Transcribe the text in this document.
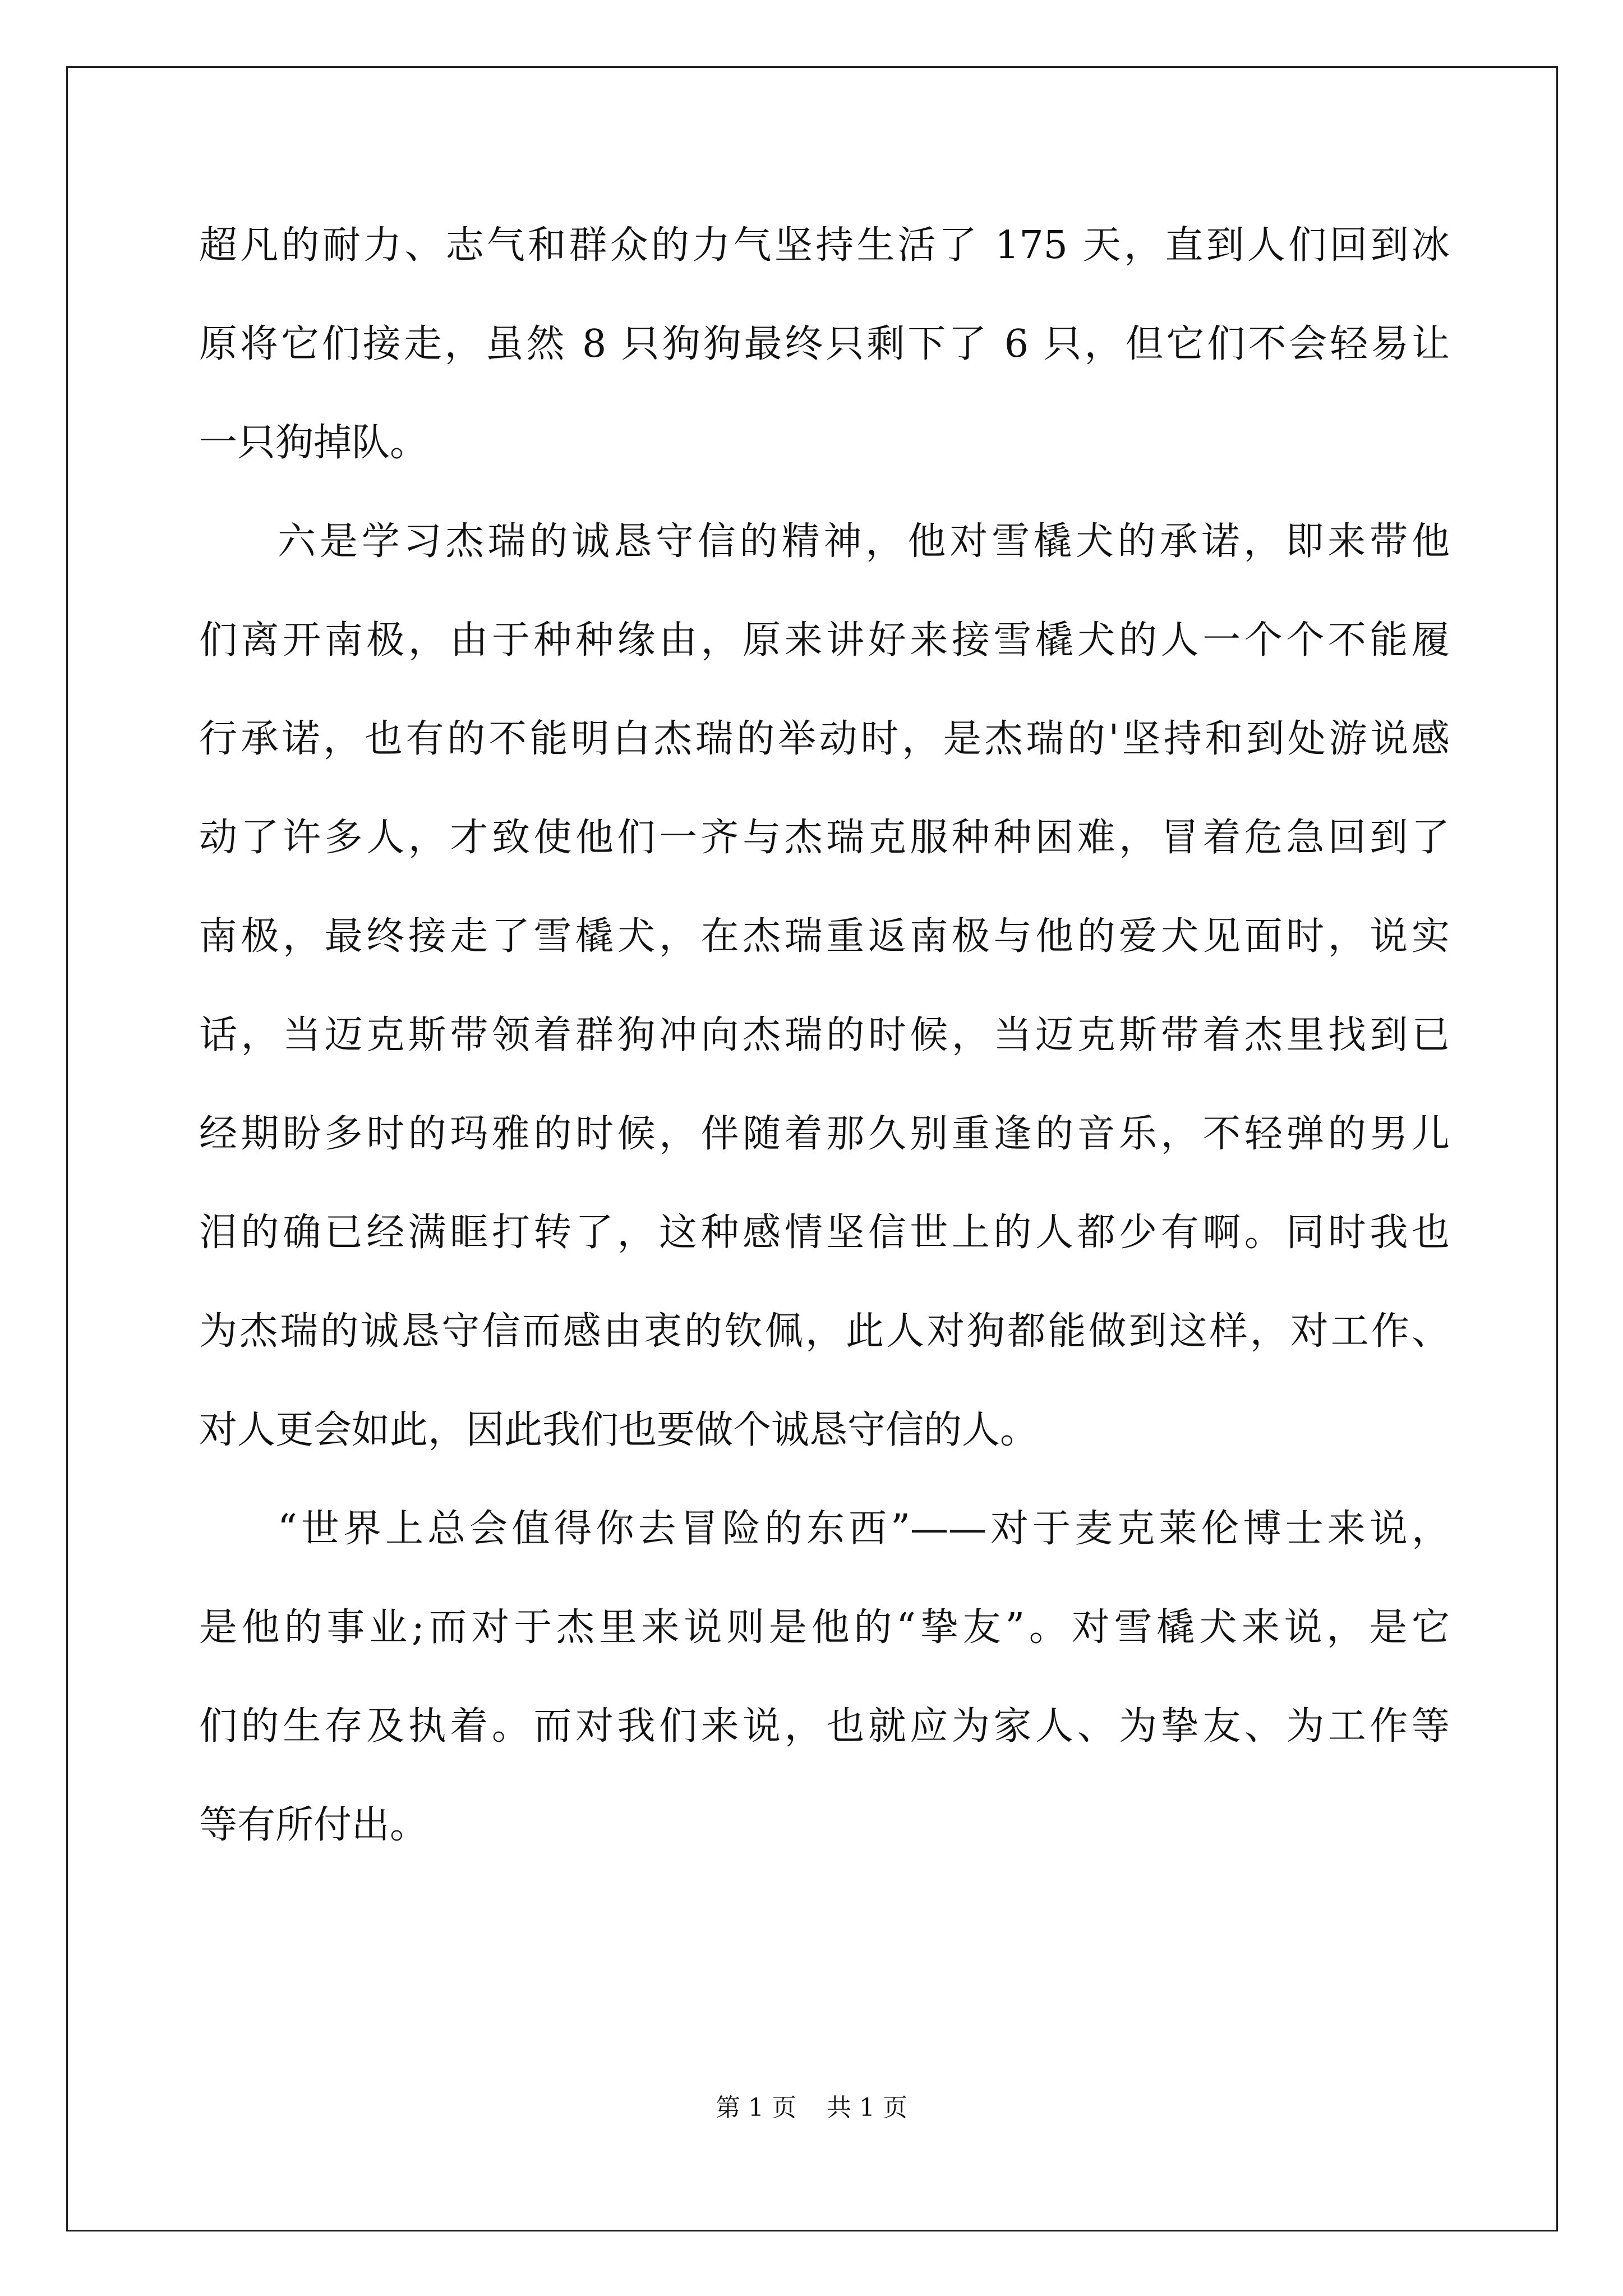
超凡的耐力、志气和群众的力气坚持生活了 175 天，直到人们回到冰
原将它们接走，虽然 8 只狗狗最终只剩下了 6 只，但它们不会轻易让
一只狗掉队。
六是学习杰瑞的诚恳守信的精神，他对雪橇犬的承诺，即来带他
们离开南极，由于种种缘由，原来讲好来接雪橇犬的人一个个不能履
行承诺，也有的不能明白杰瑞的举动时，是杰瑞的'坚持和到处游说感
动了许多人，才致使他们一齐与杰瑞克服种种困难，冒着危急回到了
南极，最终接走了雪橇犬，在杰瑞重返南极与他的爱犬见面时，说实
话，当迈克斯带领着群狗冲向杰瑞的时候，当迈克斯带着杰里找到已
经期盼多时的玛雅的时候，伴随着那久别重逢的音乐，不轻弹的男儿
泪的确已经满眶打转了，这种感情坚信世上的人都少有啊。同时我也
为杰瑞的诚恳守信而感由衷的钦佩，此人对狗都能做到这样，对工作、
对人更会如此，因此我们也要做个诚恳守信的人。
“世界上总会值得你去冒险的东西”——对于麦克莱伦博士来说，
是他的事业;而对于杰里来说则是他的“挚友”。对雪橇犬来说，是它
们的生存及执着。而对我们来说，也就应为家人、为挚友、为工作等
等有所付出。
第 1 页 共 1 页
